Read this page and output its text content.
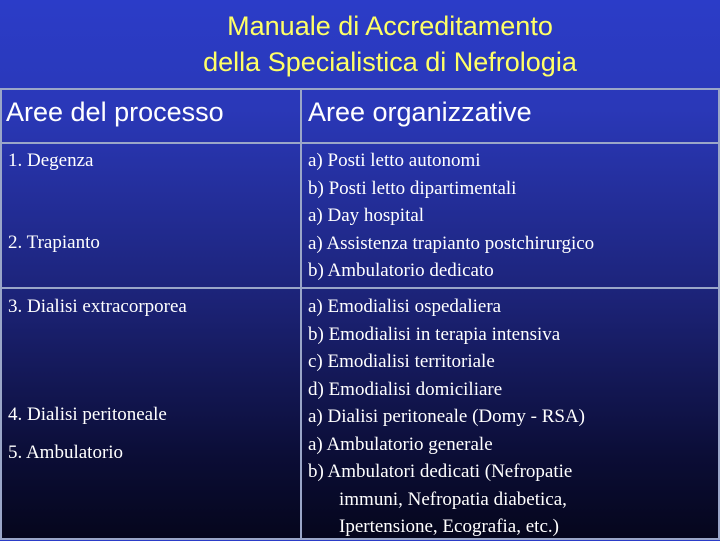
Manuale di Accreditamento
della Specialistica di Nefrologia
Aree del processo	Aree organizzative
1. Degenza
2. Trapianto
3. Dialisi extracorporea
4. Dialisi peritoneale
5. Ambulatorio
a) Posti letto autonomi
b) Posti letto dipartimentali
a) Day hospital
a) Assistenza trapianto postchirurgico
b) Ambulatorio dedicato
a) Emodialisi ospedaliera
b) Emodialisi in terapia intensiva
c) Emodialisi territoriale
d) Emodialisi domiciliare
a) Dialisi peritoneale (Domy - RSA)
a) Ambulatorio generale
b) Ambulatori dedicati (Nefropatie
immuni, Nefropatia diabetica,
Ipertensione, Ecografia, etc.)
